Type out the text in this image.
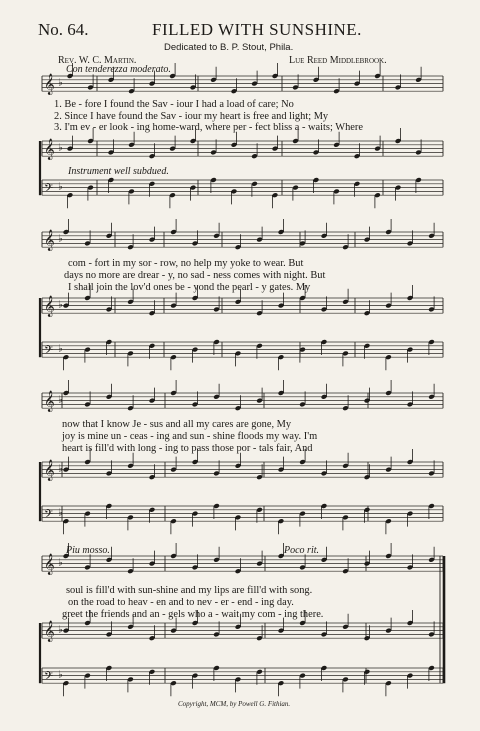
𝄞 ♭
𝄞 ♭
𝄢 ♭
𝄞 ♭
𝄞 ♭
𝄢 ♭
𝄞 ♭
𝄞 ♭
𝄢 ♭
𝄞 ♭
𝄞 ♭
𝄢 ♭
No. 64.	FILLED WITH SUNSHINE.
Dedicated to B. P. Stout, Phila.
Rev. W. C. Martin.	Lue Reed Middlebrook.
Con tenderezza moderato.
Instrument well subdued.
Piu mosso.	Poco rit.
1. Be - fore I found the Sav - iour I had a load of care; No
2. Since I have found the Sav - iour my heart is free and light; My
3. I'm ev - er look - ing home-ward, where per - fect bliss a - waits; Where
com - fort in my sor - row, no help my yoke to wear. But
days no more are drear - y, no sad - ness comes with night. But
I shall join the lov'd ones be - yond the pearl - y gates. My
now that I know Je - sus and all my cares are gone, My
joy is mine un - ceas - ing and sun - shine floods my way. I'm
heart is fill'd with long - ing to pass those por - tals fair, And
soul is fill'd with sun-shine and my lips are fill'd with song.
on the road to heav - en and to nev - er - end - ing day.
greet the friends and an - gels who a - wait my com - ing there.
Copyright, MCM, by Powell G. Fithian.
